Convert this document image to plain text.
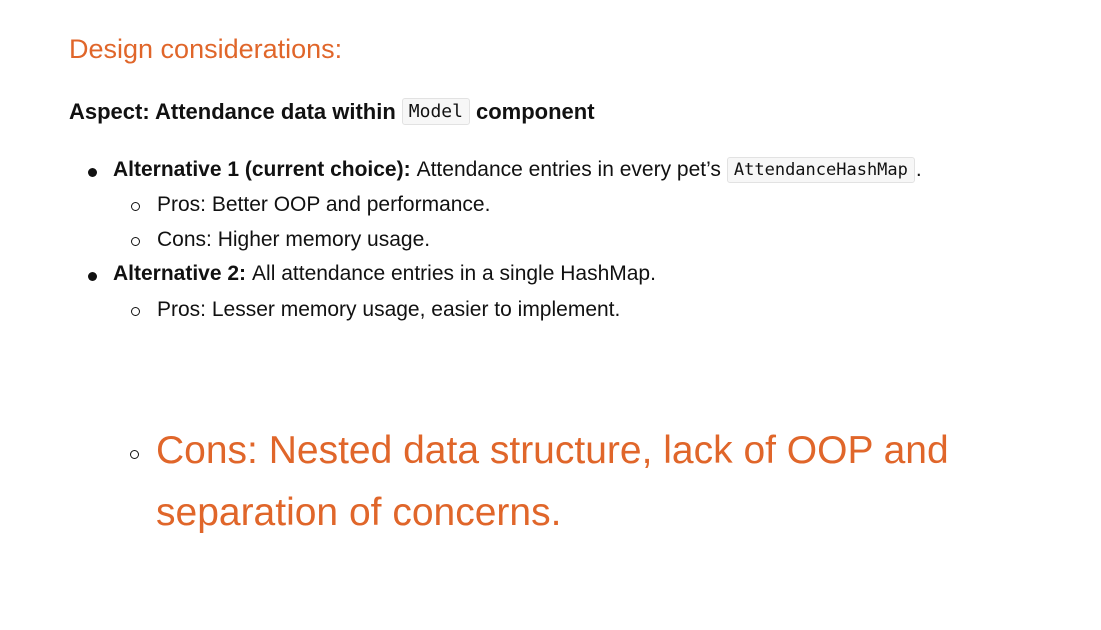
Design considerations:
Aspect: Attendance data within Model component
Alternative 1 (current choice): Attendance entries in every pet’s AttendanceHashMap .
Pros: Better OOP and performance.
Cons: Higher memory usage.
Alternative 2: All attendance entries in a single HashMap.
Pros: Lesser memory usage, easier to implement.
Cons: Nested data structure, lack of OOP and
separation of concerns.
